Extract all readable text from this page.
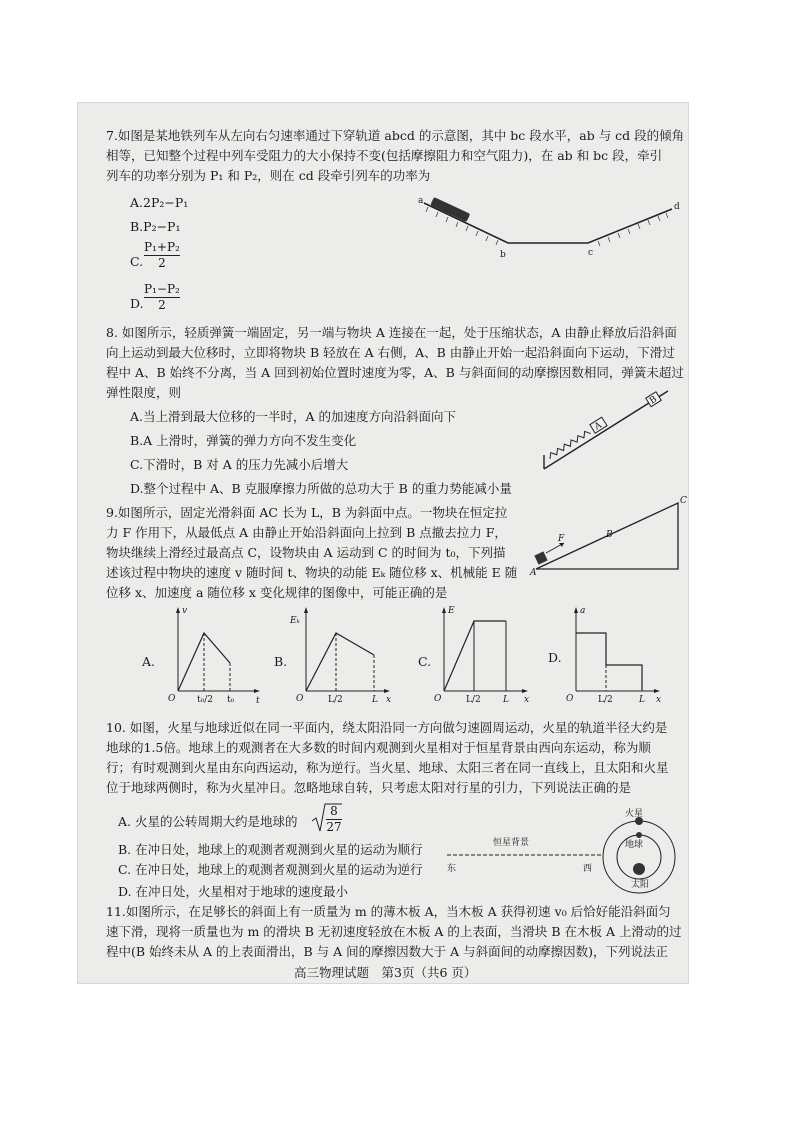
7.如图是某地铁列车从左向右匀速率通过下穿轨道 abcd 的示意图，其中 bc 段水平，ab 与 cd 段的倾角
相等，已知整个过程中列车受阻力的大小保持不变(包括摩擦阻力和空气阻力)，在 ab 和 bc 段，牵引
列车的功率分别为 P₁ 和 P₂，则在 cd 段牵引列车的功率为
A.2P₂−P₁
B.P₂−P₁
C.
P₁+P₂
2
D.
P₁−P₂
2
a
b	c
d
8. 如图所示，轻质弹簧一端固定，另一端与物块 A 连接在一起，处于压缩状态，A 由静止释放后沿斜面
向上运动到最大位移时，立即将物块 B 轻放在 A 右侧，A、B 由静止开始一起沿斜面向下运动，下滑过
程中 A、B 始终不分离，当 A 回到初始位置时速度为零，A、B 与斜面间的动摩擦因数相同，弹簧未超过
弹性限度，则
A.当上滑到最大位移的一半时，A 的加速度方向沿斜面向下
B.A 上滑时，弹簧的弹力方向不发生变化
C.下滑时，B 对 A 的压力先减小后增大
D.整个过程中 A、B 克服摩擦力所做的总功大于 B 的重力势能减小量
A
B
9.如图所示，固定光滑斜面 AC 长为 L，B 为斜面中点。一物块在恒定拉
力 F 作用下，从最低点 A 由静止开始沿斜面向上拉到 B 点撤去拉力 F，
物块继续上滑经过最高点 C，设物块由 A 运动到 C 的时间为 t₀，下列描
述该过程中物块的速度 v 随时间 t、物块的动能 Eₖ 随位移 x、机械能 E 随
位移 x、加速度 a 随位移 x 变化规律的图像中，可能正确的是
F
A
B
C
A.
v
t
O t₀/2 t₀
B.
Eₖ
x
O	L/2	L
C.
E
x
O	L/2 L
D.
a
x
O	L/2	L
10. 如图，火星与地球近似在同一平面内，绕太阳沿同一方向做匀速圆周运动，火星的轨道半径大约是
地球的1.5倍。地球上的观测者在大多数的时间内观测到火星相对于恒星背景由西向东运动，称为顺
行；有时观测到火星由东向西运动，称为逆行。当火星、地球、太阳三者在同一直线上，且太阳和火星
位于地球两侧时，称为火星冲日。忽略地球自转，只考虑太阳对行星的引力，下列说法正确的是
A. 火星的公转周期大约是地球的
8
27
B. 在冲日处，地球上的观测者观测到火星的运动为顺行
C. 在冲日处，地球上的观测者观测到火星的运动为逆行
D. 在冲日处，火星相对于地球的速度最小
恒星背景
东	西
火星
地球
太阳
11.如图所示，在足够长的斜面上有一质量为 m 的薄木板 A，当木板 A 获得初速 v₀ 后恰好能沿斜面匀
速下滑，现将一质量也为 m 的滑块 B 无初速度轻放在木板 A 的上表面，当滑块 B 在木板 A 上滑动的过
程中(B 始终未从 A 的上表面滑出，B 与 A 间的摩擦因数大于 A 与斜面间的动摩擦因数)，下列说法正
高三物理试题　第3页（共6 页）
